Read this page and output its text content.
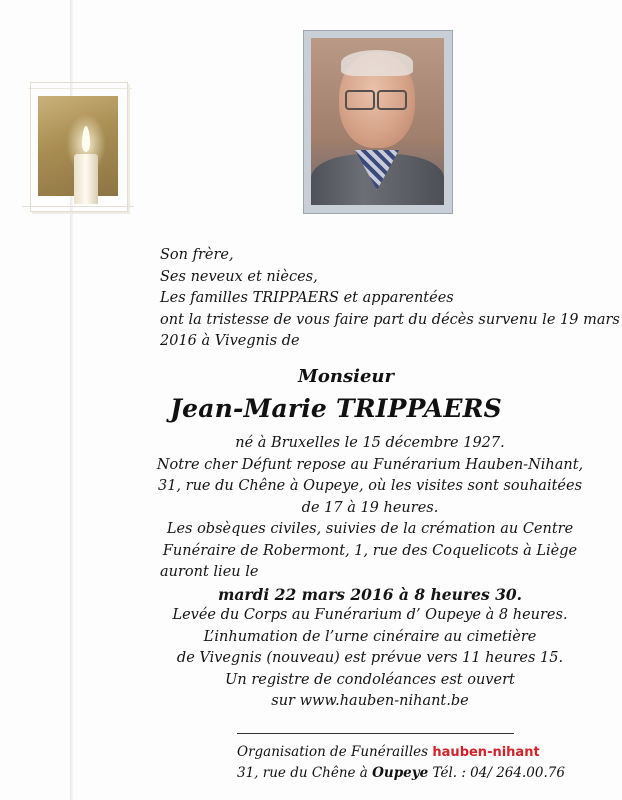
Son frère,
Ses neveux et nièces,
Les familles TRIPPAERS et apparentées
ont la tristesse de vous faire part du décès survenu le 19 mars
2016 à Vivegnis de
Monsieur
Jean-Marie TRIPPAERS
né à Bruxelles le 15 décembre 1927.
Notre cher Défunt repose au Funérarium Hauben-Nihant,
31, rue du Chêne à Oupeye, où les visites sont souhaitées
de 17 à 19 heures.
Les obsèques civiles, suivies de la crémation au Centre
Funéraire de Robermont, 1, rue des Coquelicots à Liège
auront lieu le
mardi 22 mars 2016 à 8 heures 30.
Levée du Corps au Funérarium d’ Oupeye à 8 heures.
L’inhumation de l’urne cinéraire au cimetière
de Vivegnis (nouveau) est prévue vers 11 heures 15.
Un registre de condoléances est ouvert
sur www.hauben-nihant.be
Organisation de Funérailles hauben-nihant
31, rue du Chêne à Oupeye Tél. : 04/ 264.00.76
